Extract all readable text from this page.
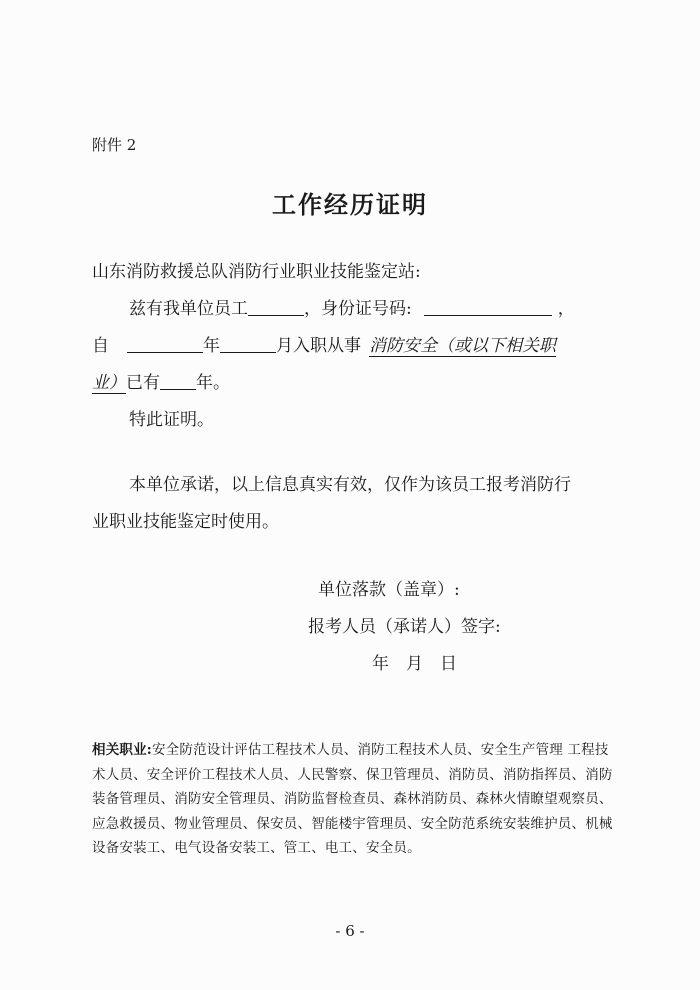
附件 2
工作经历证明
山东消防救援总队消防行业职业技能鉴定站:
兹有我单位员工	，身份证号码:	，
自	年	月入职从事 消防安全（或以下相关职
业）已有 年。
特此证明。
本单位承诺，以上信息真实有效，仅作为该员工报考消防行
业职业技能鉴定时使用。
单位落款（盖章）:
报考人员（承诺人）签字:
年　月　日
相关职业:安全防范设计评估工程技术人员、消防工程技术人员、安全生产管理 工程技术人员、安全评价工程技术人员、人民警察、保卫管理员、消防员、消防指挥员、消防装备管理员、消防安全管理员、消防监督检查员、森林消防员、森林火情瞭望观察员、应急救援员、物业管理员、保安员、智能楼宇管理员、安全防范系统安装维护员、机械设备安装工、电气设备安装工、管工、电工、安全员。
- 6 -
